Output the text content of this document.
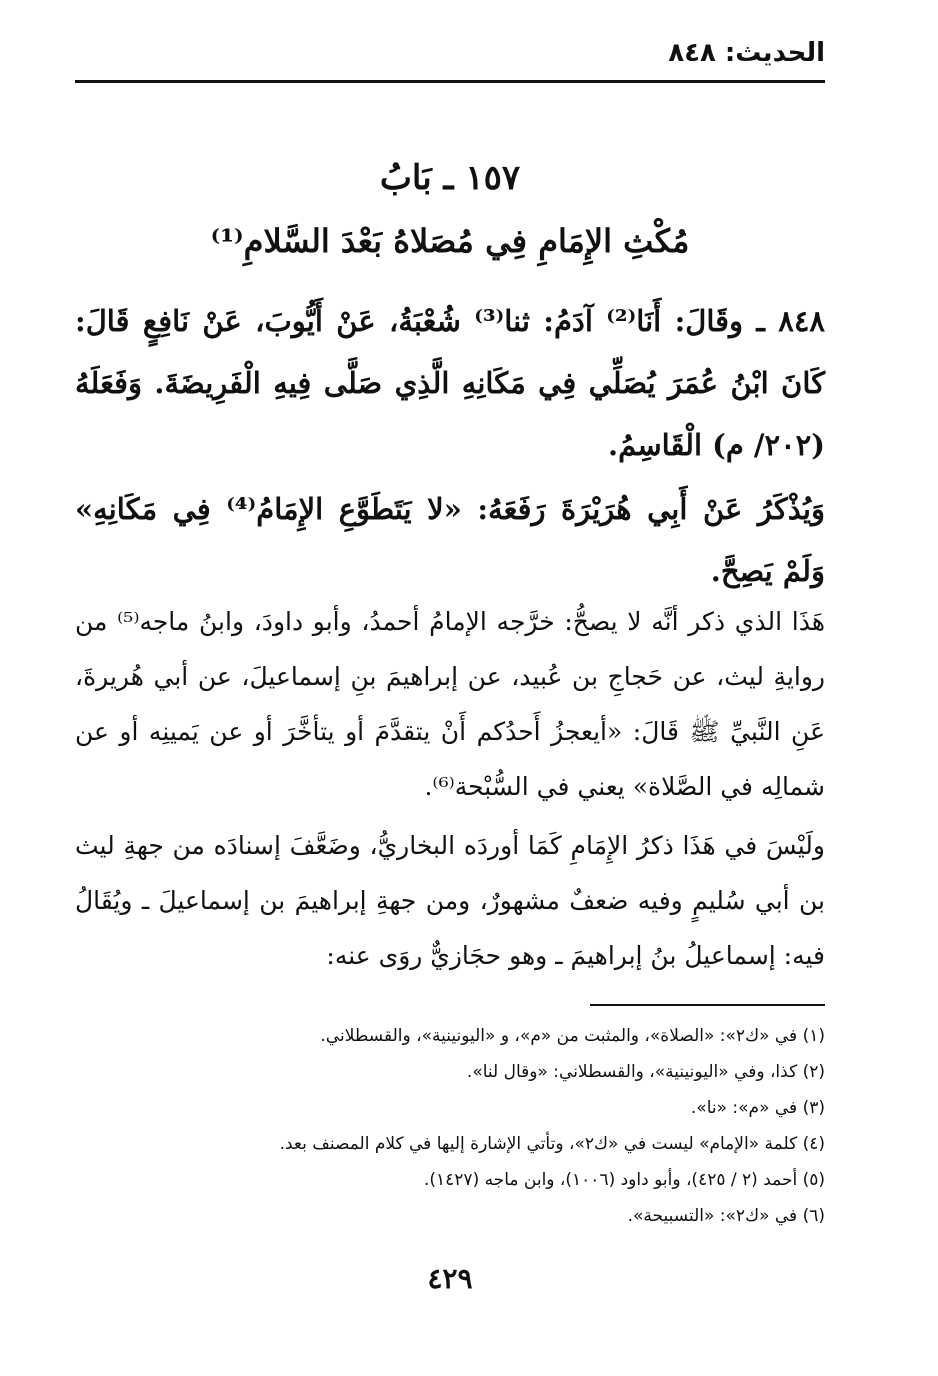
الحديث: ٨٤٨
١٥٧ ـ بَابُ
مُكْثِ الإِمَامِ فِي مُصَلاهُ بَعْدَ السَّلامِ⁽¹⁾

٨٤٨ ـ وقَالَ: أَنَا⁽²⁾ آدَمُ: ثنا⁽³⁾ شُعْبَةُ، عَنْ أَيُّوبَ، عَنْ نَافِعٍ قَالَ: كَانَ ابْنُ عُمَرَ يُصَلِّي فِي مَكَانِهِ الَّذِي صَلَّى فِيهِ الْفَرِيضَةَ. وَفَعَلَهُ (٢٠٢/ م) الْقَاسِمُ.

وَيُذْكَرُ عَنْ أَبِي هُرَيْرَةَ رَفَعَهُ: «لا يَتَطَوَّعِ الإِمَامُ⁽⁴⁾ فِي مَكَانِهِ» وَلَمْ يَصِحَّ.

هَذَا الذي ذكر أنَّه لا يصحُّ: خرَّجه الإمامُ أحمدُ، وأبو داودَ، وابنُ ماجه⁽⁵⁾ من روايةِ ليث، عن حَجاجِ بن عُبيد، عن إبراهيمَ بنِ إسماعيلَ، عن أبي هُريرةَ، عَنِ النَّبيِّ ﷺ قَالَ: «أيعجزُ أَحدُكم أَنْ يتقدَّمَ أو يتأخَّرَ أو عن يَمينِه أو عن شمالِه في الصَّلاة» يعني في السُّبْحة⁽⁶⁾.

ولَيْسَ في هَذَا ذكرُ الإِمَامِ كَمَا أوردَه البخاريُّ، وضَعَّفَ إسنادَه من جهةِ ليث بن أبي سُليمٍ وفيه ضعفٌ مشهورٌ، ومن جهةِ إبراهيمَ بن إسماعيلَ ـ ويُقَالُ فيه: إسماعيلُ بنُ إبراهيمَ ـ وهو حجَازيٌّ روَى عنه:

(١) في «ك٢»: «الصلاة»، والمثبت من «م»، و «اليونينية»، والقسطلاني.
(٢) كذا، وفي «اليونينية»، والقسطلاني: «وقال لنا».
(٣) في «م»: «نا».
(٤) كلمة «الإمام» ليست في «ك٢»، وتأتي الإشارة إليها في كلام المصنف بعد.
(٥) أحمد (٢ / ٤٢٥)، وأبو داود (١٠٠٦)، وابن ماجه (١٤٢٧).
(٦) في «ك٢»: «التسبيحة».
٤٢٩
